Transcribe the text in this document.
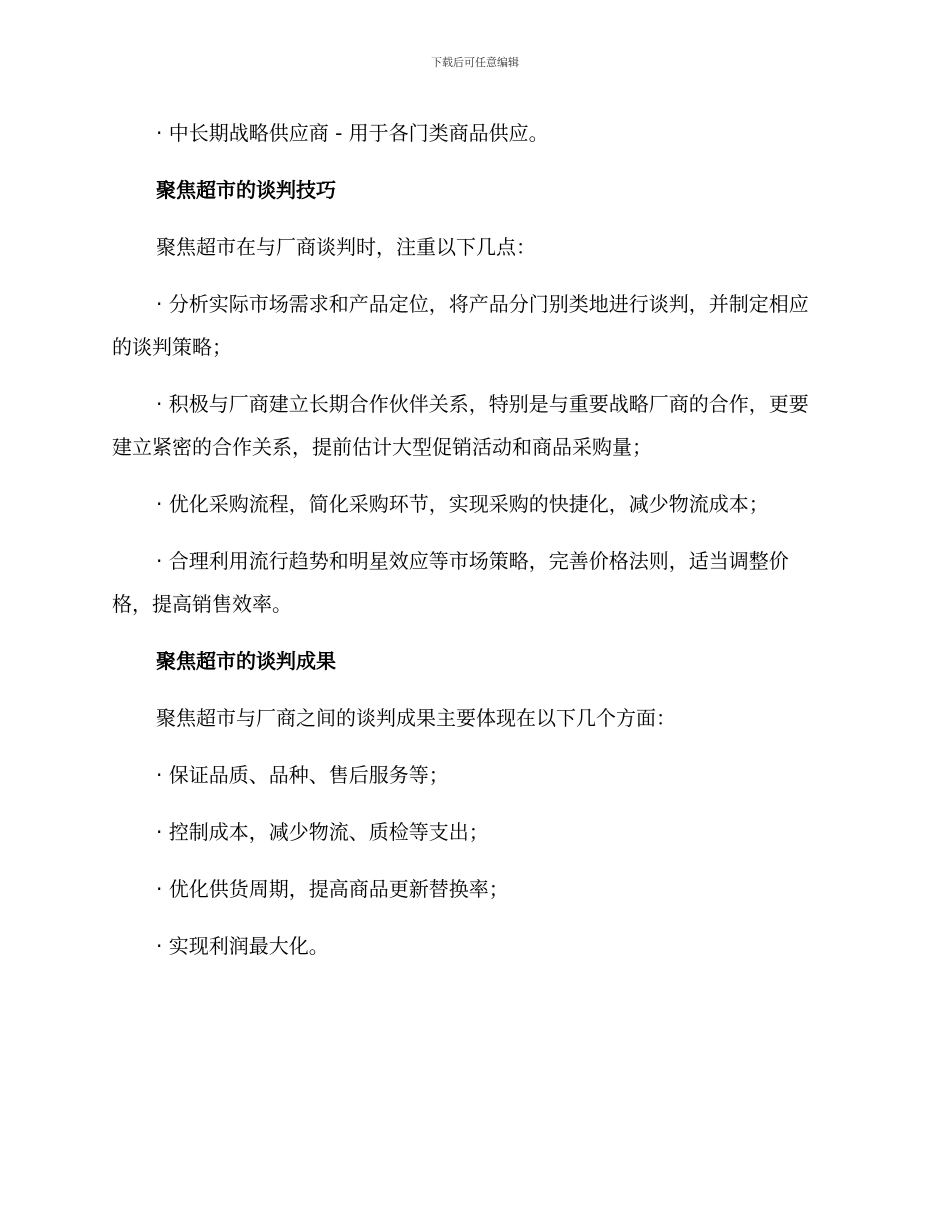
下载后可任意编辑

· 中长期战略供应商 - 用于各门类商品供应。

聚焦超市的谈判技巧

聚焦超市在与厂商谈判时，注重以下几点：

· 分析实际市场需求和产品定位，将产品分门别类地进行谈判，并制定相应的谈判策略；

· 积极与厂商建立长期合作伙伴关系，特别是与重要战略厂商的合作，更要建立紧密的合作关系，提前估计大型促销活动和商品采购量；

· 优化采购流程，简化采购环节，实现采购的快捷化，减少物流成本；

· 合理利用流行趋势和明星效应等市场策略，完善价格法则，适当调整价格，提高销售效率。

聚焦超市的谈判成果

聚焦超市与厂商之间的谈判成果主要体现在以下几个方面：

· 保证品质、品种、售后服务等；

· 控制成本，减少物流、质检等支出；

· 优化供货周期，提高商品更新替换率；

· 实现利润最大化。
